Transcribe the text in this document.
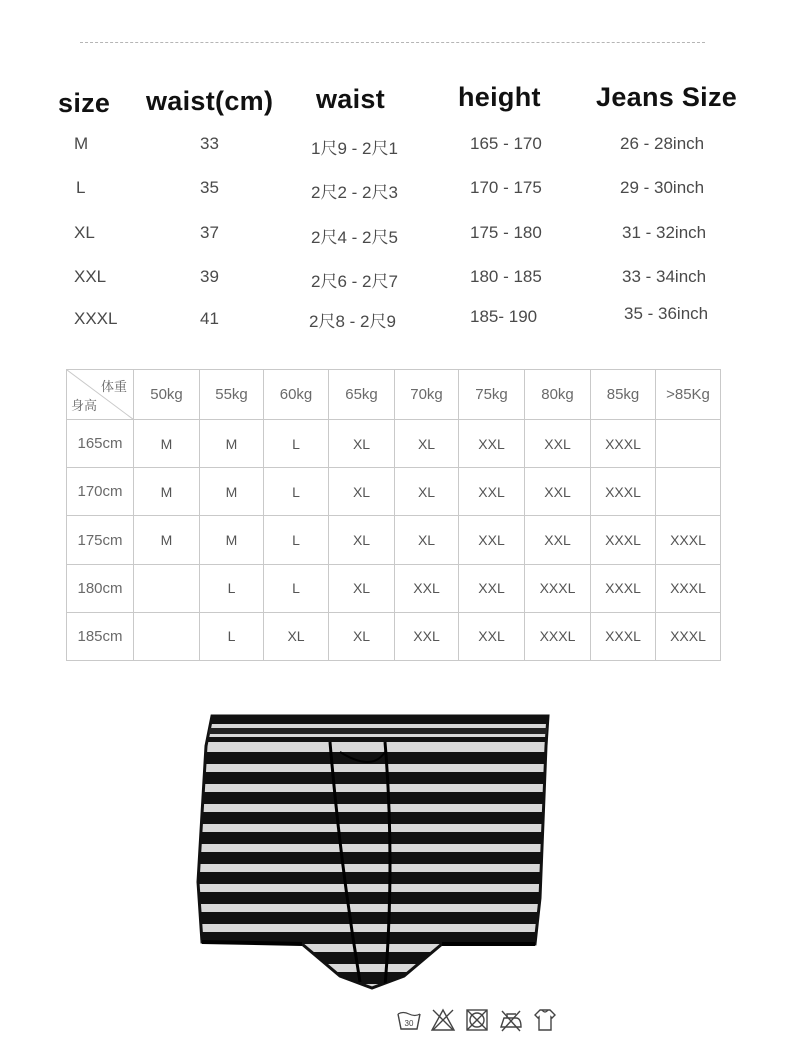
size waist(cm) waist	height Jeans Size
M	33	1尺9 - 2尺1	165 - 170	26 - 28inch
L	35	2尺2 - 2尺3	170 - 175	29 - 30inch
XL	37	2尺4 - 2尺5	175 - 180	31 - 32inch
XXL	39	2尺6 - 2尺7	180 - 185	33 - 34inch
XXXL	41	2尺8 - 2尺9	185- 190	35 - 36inch
体重
身高	50kg	55kg	60kg	65kg	70kg	75kg	80kg	85kg	>85Kg
165cm	M	M	L	XL	XL	XXL	XXL	XXXL	
170cm	M	M	L	XL	XL	XXL	XXL	XXXL	
175cm	M	M	L	XL	XL	XXL	XXL	XXXL	XXXL
180cm		L	L	XL	XXL	XXL	XXXL	XXXL	XXXL
185cm		L	XL	XL	XXL	XXL	XXXL	XXXL	XXXL
30
